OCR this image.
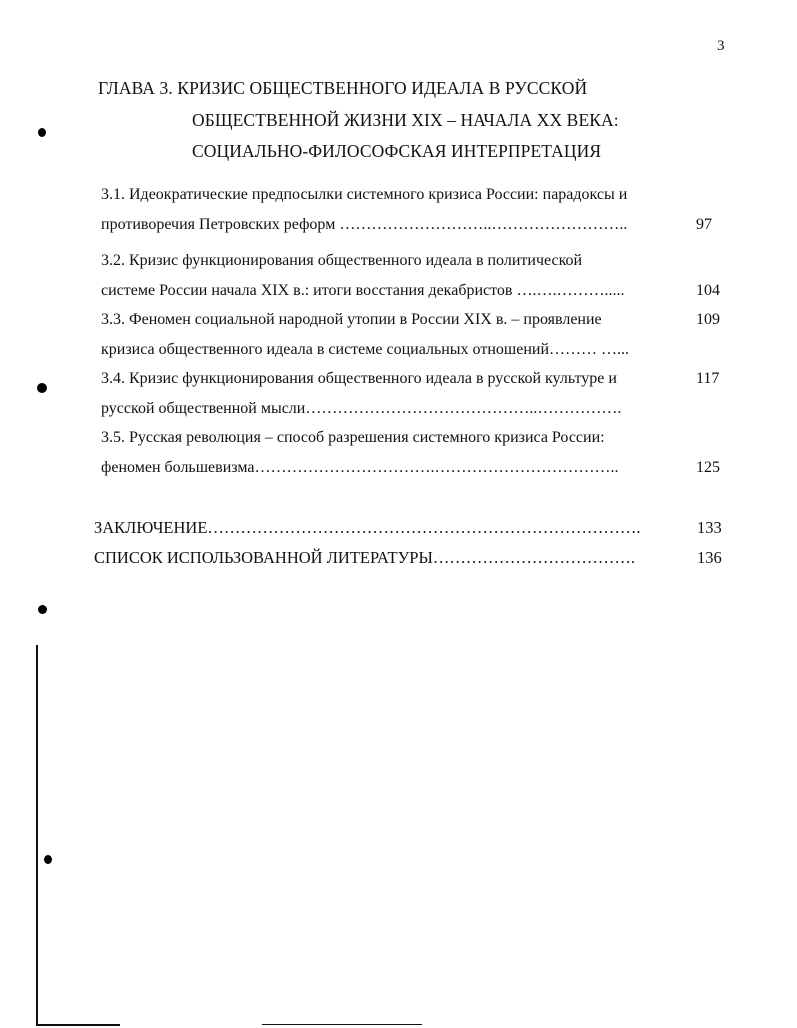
3
ГЛАВА 3. КРИЗИС ОБЩЕСТВЕННОГО ИДЕАЛА В РУССКОЙ
ОБЩЕСТВЕННОЙ ЖИЗНИ XIX – НАЧАЛА XX ВЕКА:
СОЦИАЛЬНО-ФИЛОСОФСКАЯ ИНТЕРПРЕТАЦИЯ
3.1. Идеократические предпосылки системного кризиса России: парадоксы и
противоречия Петровских реформ ………………………..……………………..	97
3.2. Кризис функционирования общественного идеала в политической
системе России начала XIX в.: итоги восстания декабристов ….….……….....	104
3.3. Феномен социальной народной утопии в России XIX в. – проявление	109
кризиса общественного идеала в системе социальных отношений……… …...
3.4. Кризис функционирования общественного идеала в русской культуре и	117
русской общественной мысли……………………………………..…………….
3.5. Русская революция – способ разрешения системного кризиса России:
феномен большевизма…………………………….……………………………..	125
ЗАКЛЮЧЕНИЕ…………………………………………………………………….	133
СПИСОК ИСПОЛЬЗОВАННОЙ ЛИТЕРАТУРЫ……………………………….	136
